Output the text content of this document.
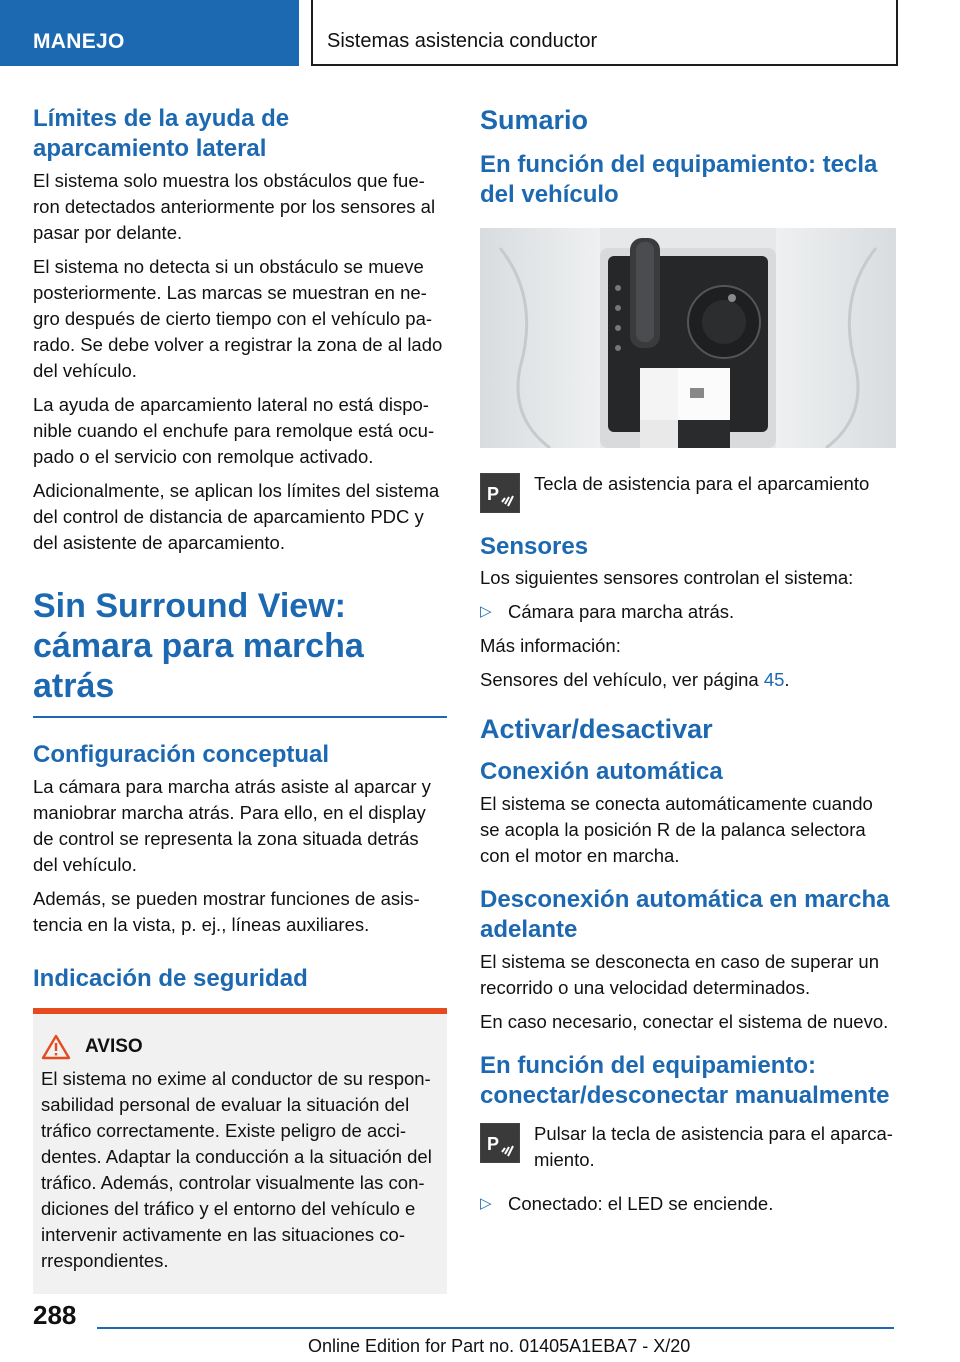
MANEJO	Sistemas asistencia conductor
Límites de la ayuda de aparcamiento lateral

El sistema solo muestra los obstáculos que fue-ron detectados anteriormente por los sensores al pasar por delante.

El sistema no detecta si un obstáculo se mueve posteriormente. Las marcas se muestran en ne-gro después de cierto tiempo con el vehículo pa-rado. Se debe volver a registrar la zona de al lado del vehículo.

La ayuda de aparcamiento lateral no está dispo-nible cuando el enchufe para remolque está ocu-pado o el servicio con remolque activado.

Adicionalmente, se aplican los límites del sistema del control de distancia de aparcamiento PDC y del asistente de aparcamiento.

Sin Surround View: cámara para marcha atrás
Configuración conceptual

La cámara para marcha atrás asiste al aparcar y maniobrar marcha atrás. Para ello, en el display de control se representa la zona situada detrás del vehículo.

Además, se pueden mostrar funciones de asis-tencia en la vista, p. ej., líneas auxiliares.

Indicación de seguridad
AVISO

El sistema no exime al conductor de su respon-sabilidad personal de evaluar la situación del tráfico correctamente. Existe peligro de acci-dentes. Adaptar la conducción a la situación del tráfico. Además, controlar visualmente las con-diciones del tráfico y el entorno del vehículo e intervenir activamente en las situaciones co-rrespondientes.

Sumario
En función del equipamiento: tecla del vehículo
P Tecla de asistencia para el aparcamiento

Sensores

Los siguientes sensores controlan el sistema:

▷ Cámara para marcha atrás.

Más información:

Sensores del vehículo, ver página 45.

Activar/desactivar
Conexión automática

El sistema se conecta automáticamente cuando se acopla la posición R de la palanca selectora con el motor en marcha.

Desconexión automática en marcha adelante

El sistema se desconecta en caso de superar un recorrido o una velocidad determinados.

En caso necesario, conectar el sistema de nuevo.

En función del equipamiento: conectar/desconectar manualmente
P Pulsar la tecla de asistencia para el aparca-miento.

▷ Conectado: el LED se enciende.

288
Online Edition for Part no. 01405A1EBA7 - X/20
